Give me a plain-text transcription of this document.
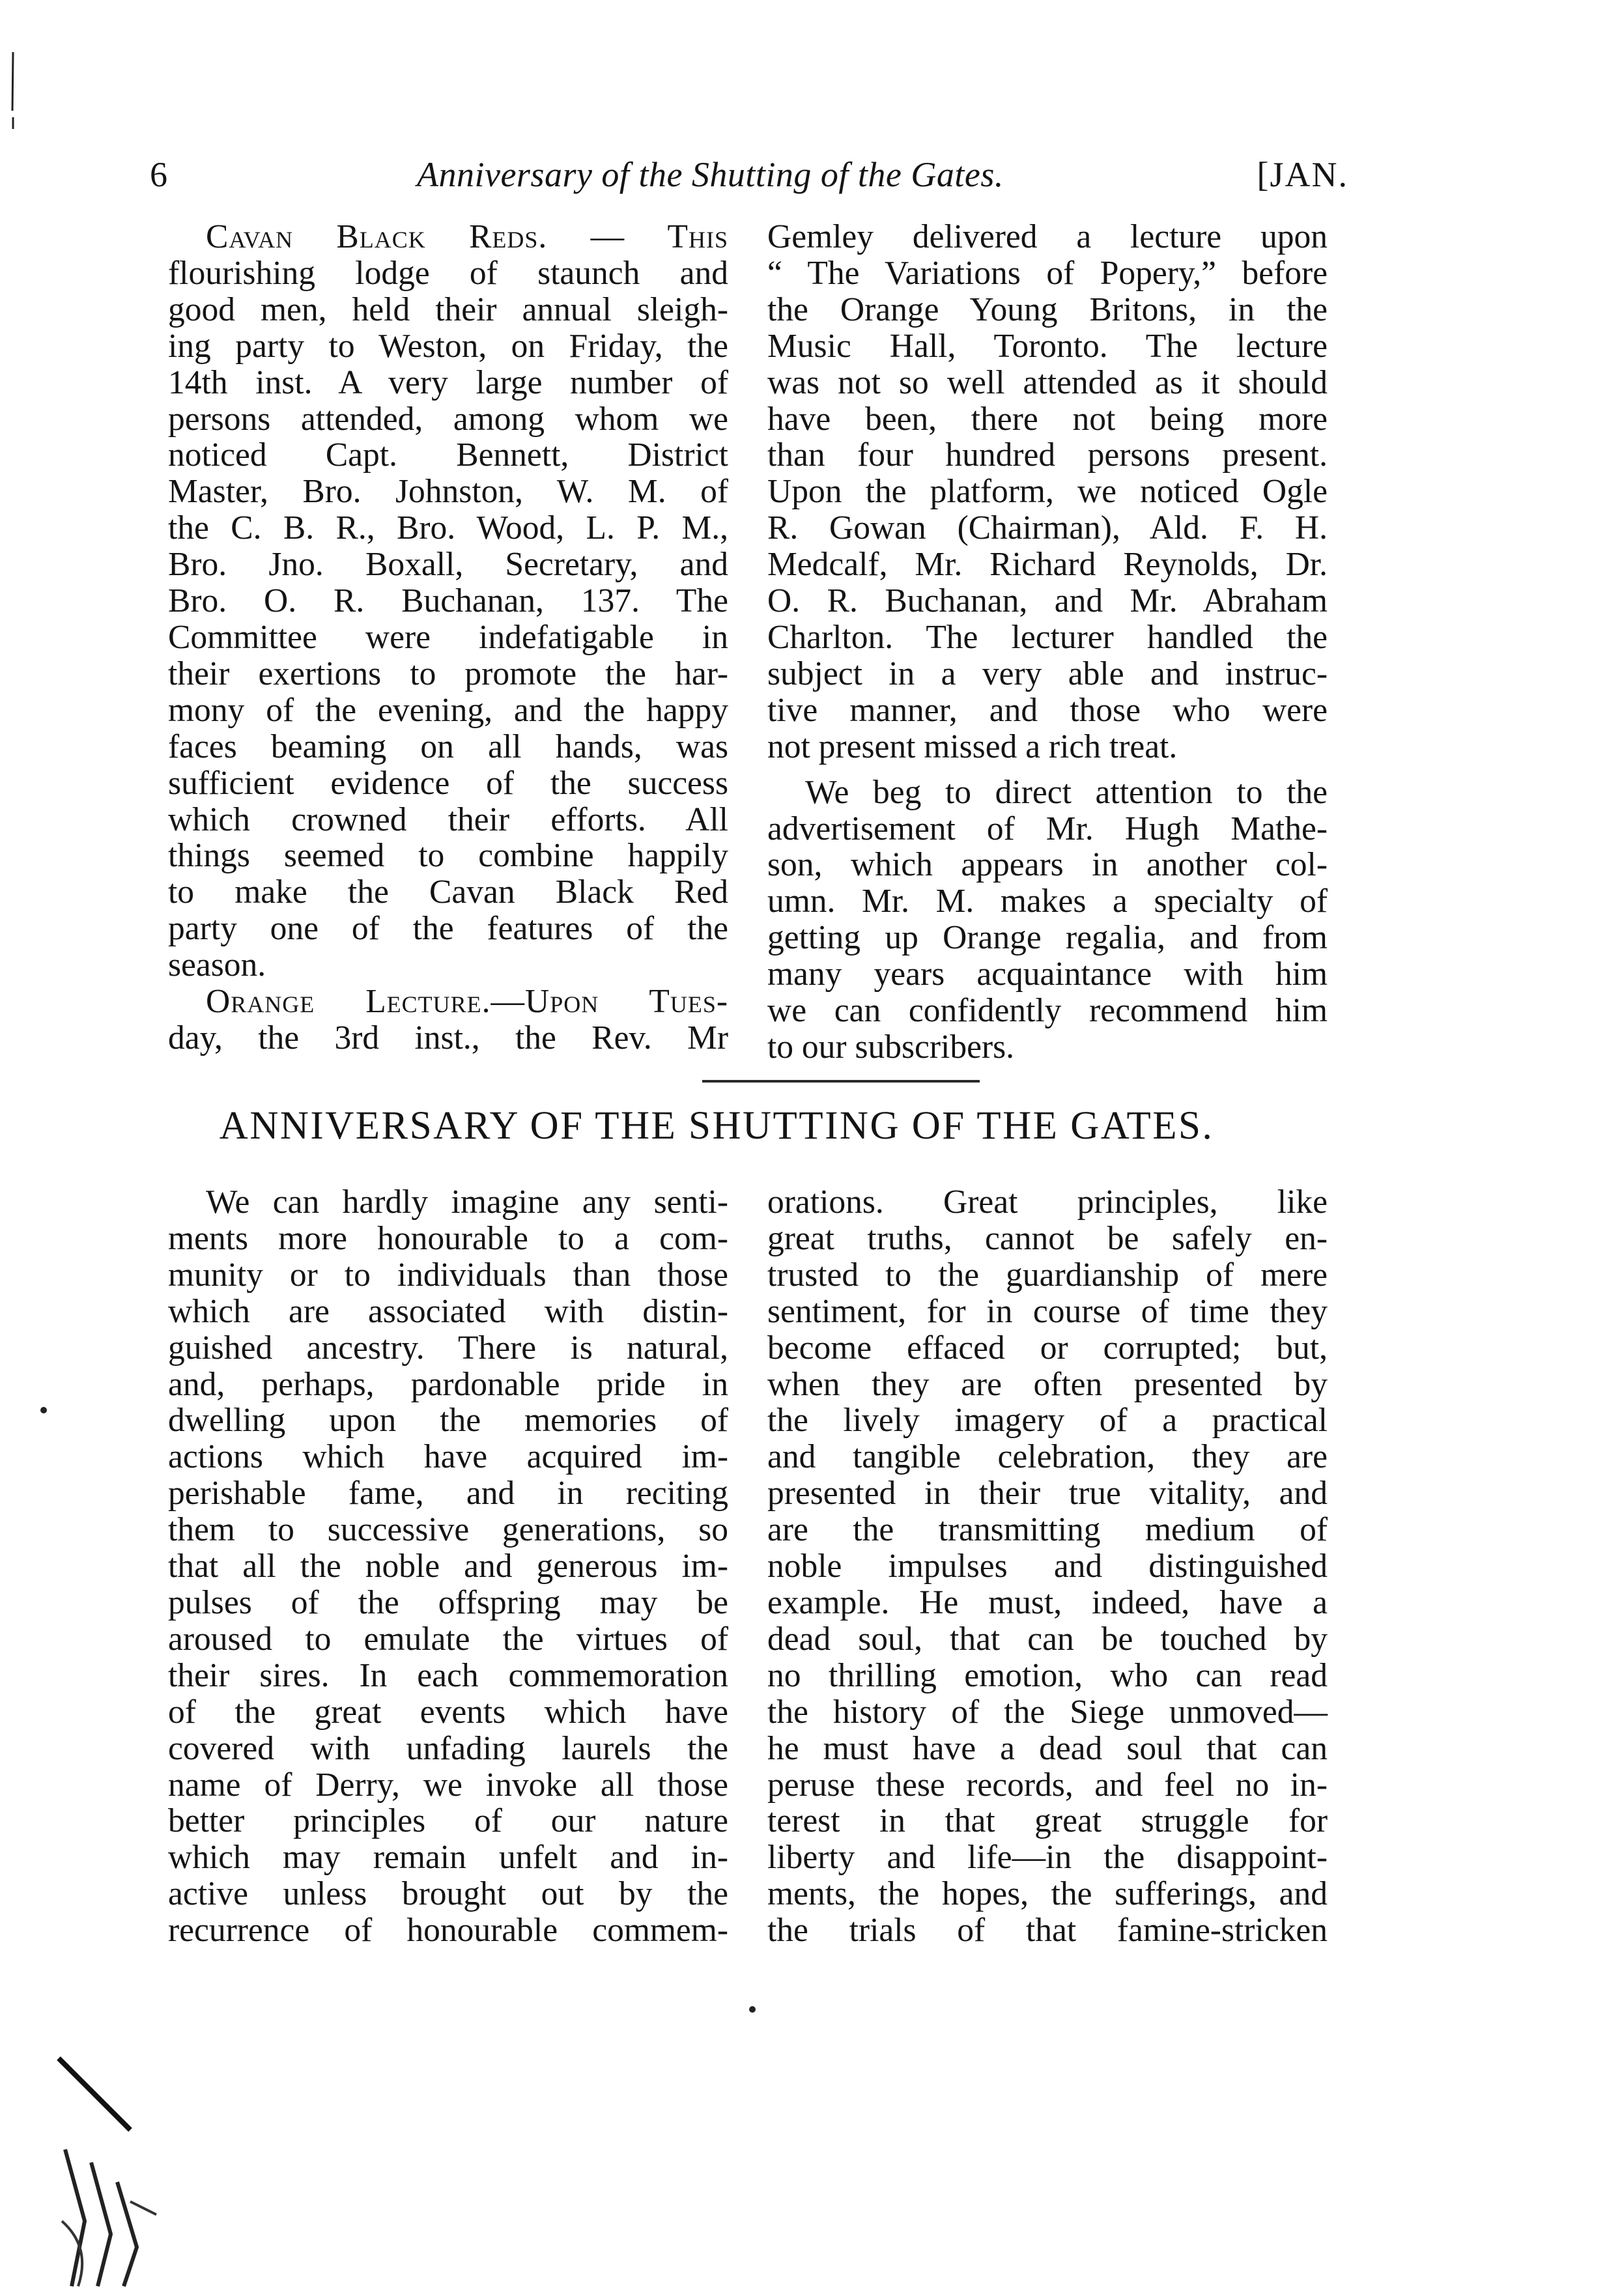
6	Anniversary of the Shutting of the Gates.	[JAN.

Cavan Black Reds. — This
flourishing lodge of staunch and
good men, held their annual sleigh-
ing party to Weston, on Friday, the
14th inst. A very large number of
persons attended, among whom we
noticed Capt. Bennett, District
Master, Bro. Johnston, W. M. of
the C. B. R., Bro. Wood, L. P. M.,
Bro. Jno. Boxall, Secretary, and
Bro. O. R. Buchanan, 137. The
Committee were indefatigable in
their exertions to promote the har-
mony of the evening, and the happy
faces beaming on all hands, was
sufficient evidence of the success
which crowned their efforts. All
things seemed to combine happily
to make the Cavan Black Red
party one of the features of the
season.

Orange Lecture.—Upon Tues-
day, the 3rd inst., the Rev. Mr

Gemley delivered a lecture upon
“ The Variations of Popery,” before
the Orange Young Britons, in the
Music Hall, Toronto. The lecture
was not so well attended as it should
have been, there not being more
than four hundred persons present.
Upon the platform, we noticed Ogle
R. Gowan (Chairman), Ald. F. H.
Medcalf, Mr. Richard Reynolds, Dr.
O. R. Buchanan, and Mr. Abraham
Charlton. The lecturer handled the
subject in a very able and instruc-
tive manner, and those who were
not present missed a rich treat.

We beg to direct attention to the
advertisement of Mr. Hugh Mathe-
son, which appears in another col-
umn. Mr. M. makes a specialty of
getting up Orange regalia, and from
many years acquaintance with him
we can confidently recommend him
to our subscribers.

ANNIVERSARY OF THE SHUTTING OF THE GATES.

We can hardly imagine any senti-
ments more honourable to a com-
munity or to individuals than those
which are associated with distin-
guished ancestry. There is natural,
and, perhaps, pardonable pride in
dwelling upon the memories of
actions which have acquired im-
perishable fame, and in reciting
them to successive generations, so
that all the noble and generous im-
pulses of the offspring may be
aroused to emulate the virtues of
their sires. In each commemoration
of the great events which have
covered with unfading laurels the
name of Derry, we invoke all those
better principles of our nature
which may remain unfelt and in-
active unless brought out by the
recurrence of honourable commem-

orations. Great principles, like
great truths, cannot be safely en-
trusted to the guardianship of mere
sentiment, for in course of time they
become effaced or corrupted; but,
when they are often presented by
the lively imagery of a practical
and tangible celebration, they are
presented in their true vitality, and
are the transmitting medium of
noble impulses and distinguished
example. He must, indeed, have a
dead soul, that can be touched by
no thrilling emotion, who can read
the history of the Siege unmoved—
he must have a dead soul that can
peruse these records, and feel no in-
terest in that great struggle for
liberty and life—in the disappoint-
ments, the hopes, the sufferings, and
the trials of that famine-stricken
